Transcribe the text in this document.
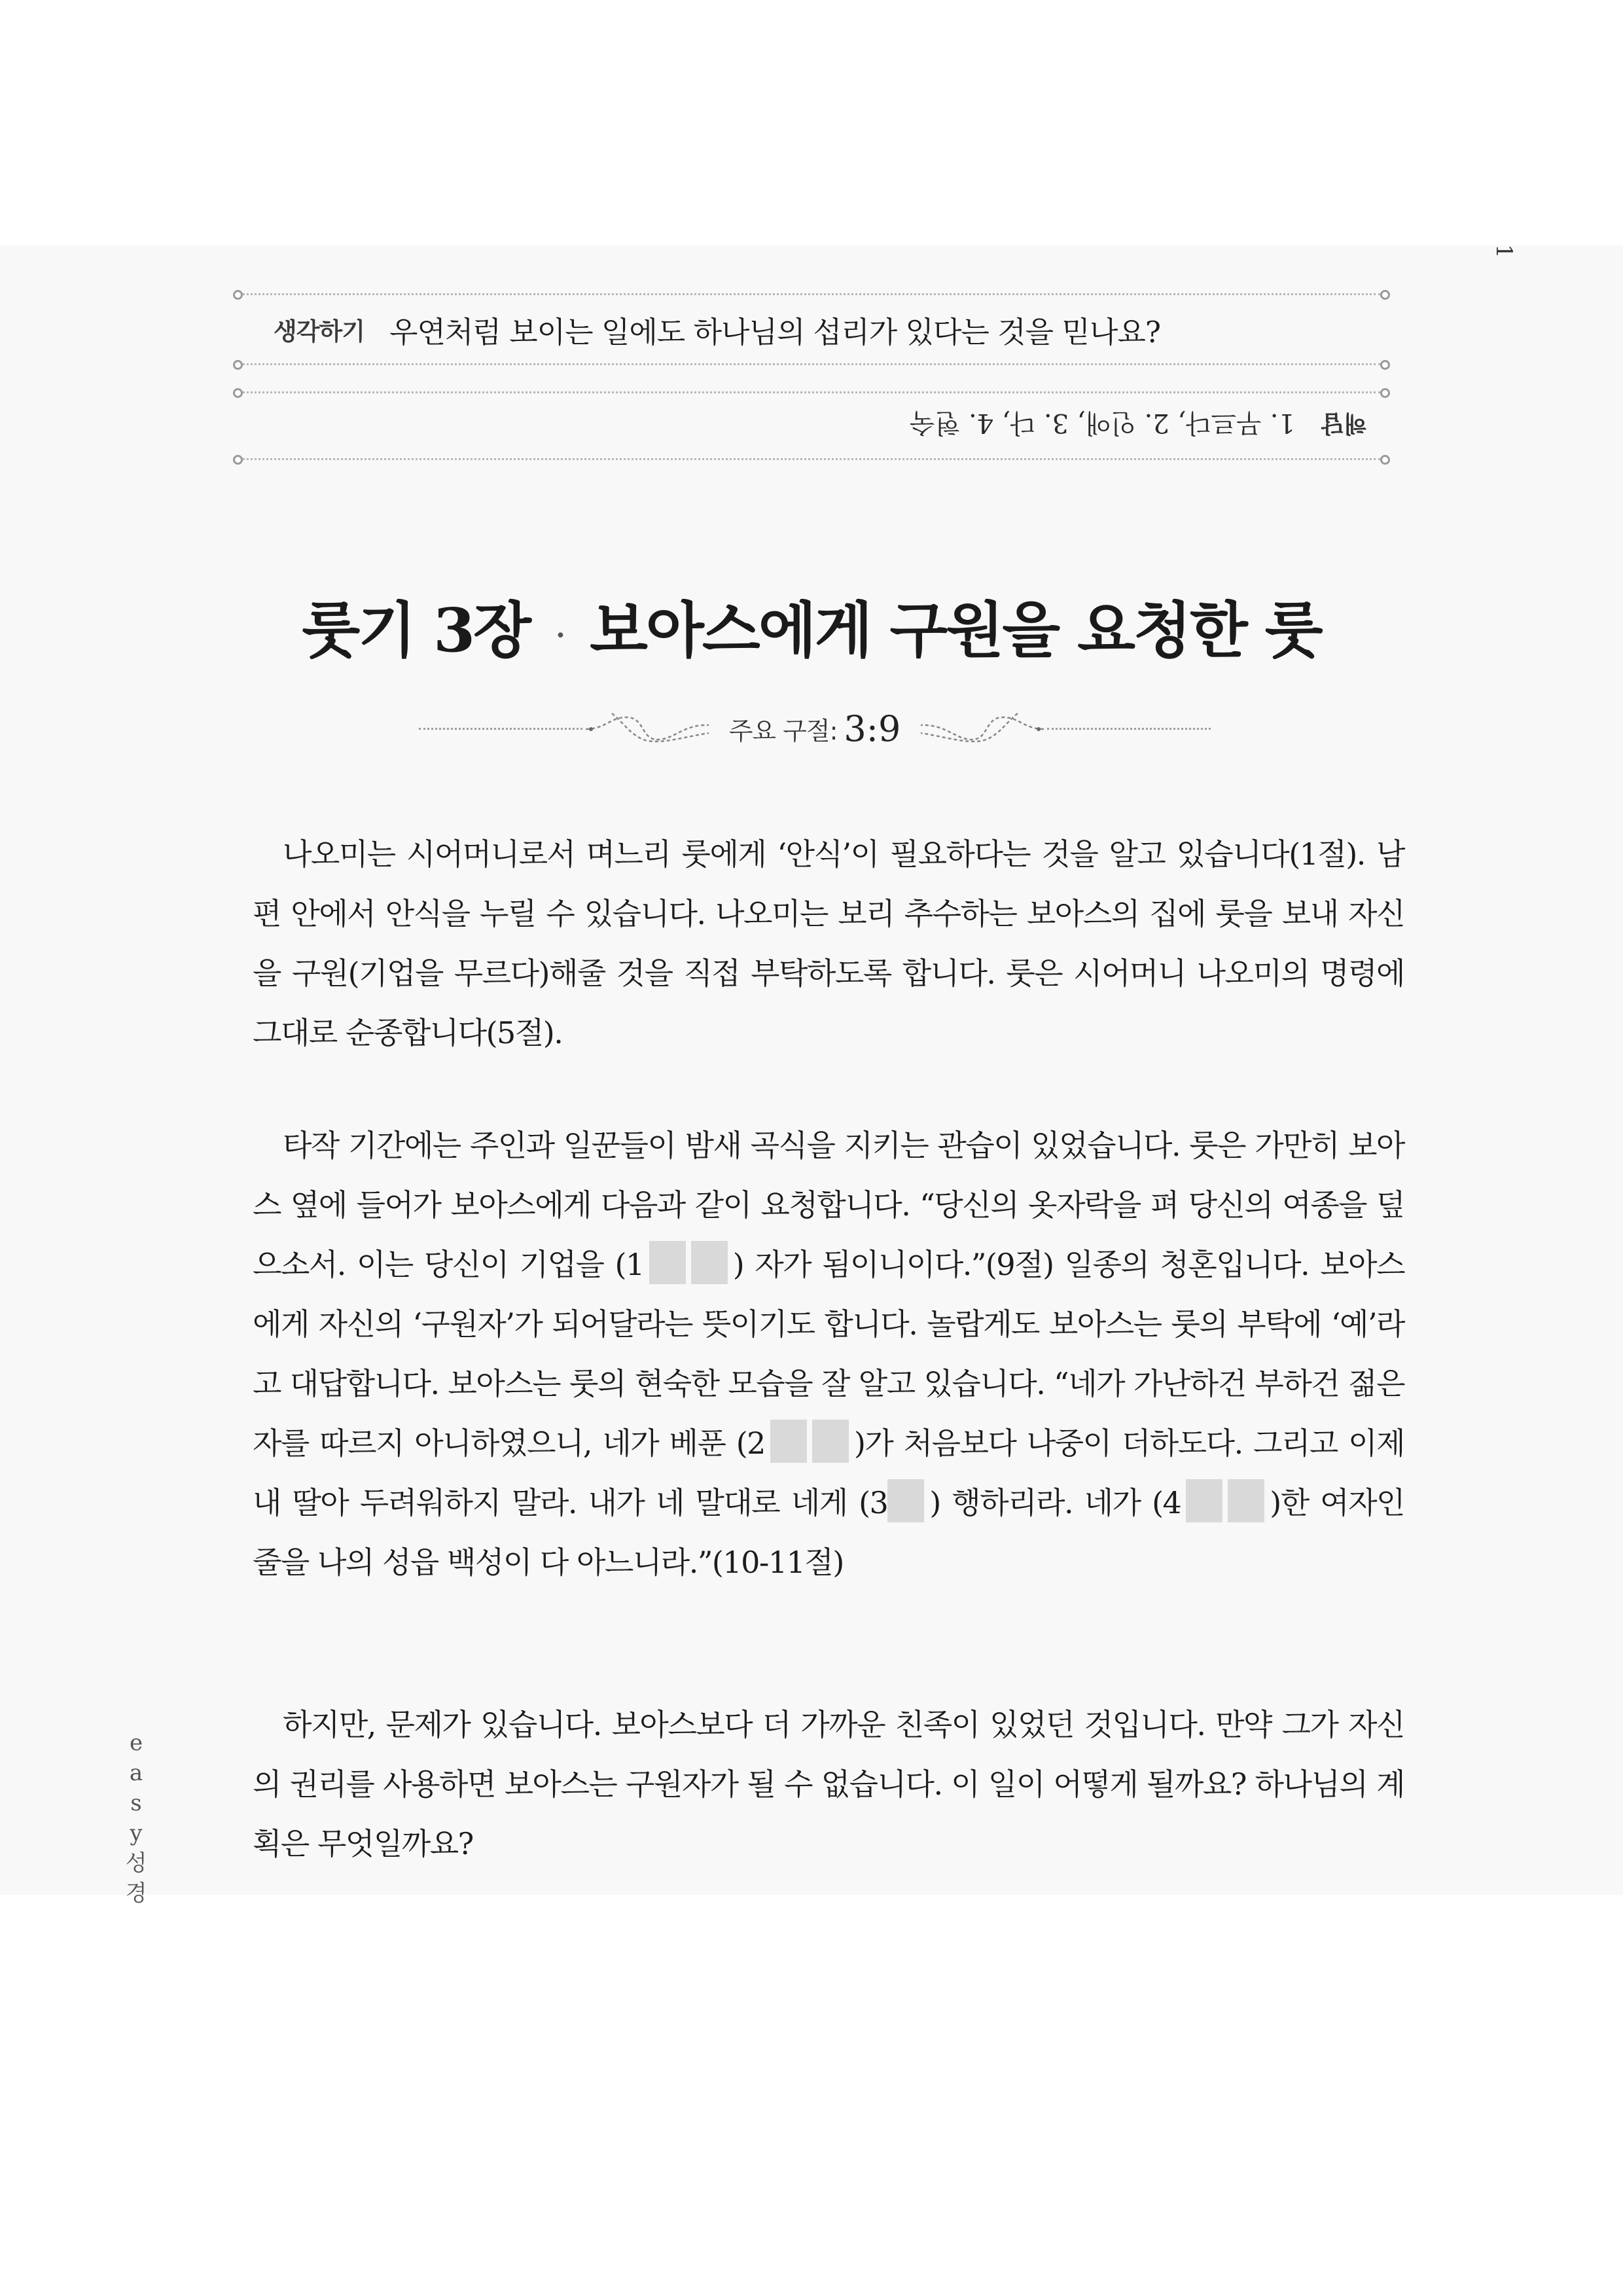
1
생각하기 우연처럼 보이는 일에도 하나님의 섭리가 있다는 것을 믿나요?
해답
1. 무르다, 2. 인애, 3. 다, 4. 현숙
룻기 3장 · 보아스에게 구원을 요청한 룻
주요 구절: 3:9

나오미는 시어머니로서 며느리 룻에게 ‘안식’이 필요하다는 것을 알고 있습니다(1절). 남편 안에서 안식을 누릴 수 있습니다. 나오미는 보리 추수하는 보아스의 집에 룻을 보내 자신을 구원(기업을 무르다)해줄 것을 직접 부탁하도록 합니다. 룻은 시어머니 나오미의 명령에 그대로 순종합니다(5절).

타작 기간에는 주인과 일꾼들이 밤새 곡식을 지키는 관습이 있었습니다. 룻은 가만히 보아스 옆에 들어가 보아스에게 다음과 같이 요청합니다. “당신의 옷자락을 펴 당신의 여종을 덮으소서. 이는 당신이 기업을 (1	) 자가 됨이니이다.”(9절) 일종의 청혼입니다. 보아스에게 자신의 ‘구원자’가 되어달라는 뜻이기도 합니다. 놀랍게도 보아스는 룻의 부탁에 ‘예’라고 대답합니다. 보아스는 룻의 현숙한 모습을 잘 알고 있습니다. “네가 가난하건 부하건 젊은 자를 따르지 아니하였으니, 네가 베푼 (2	)가 처음보다 나중이 더하도다. 그리고 이제 내 딸아 두려워하지 말라. 내가 네 말대로 네게 (3 ) 행하리라. 네가 (4	)한 여자인 줄을 나의 성읍 백성이 다 아느니라.”(10-11절)

하지만, 문제가 있습니다. 보아스보다 더 가까운 친족이 있었던 것입니다. 만약 그가 자신의 권리를 사용하면 보아스는 구원자가 될 수 없습니다. 이 일이 어떻게 될까요? 하나님의 계획은 무엇일까요?

e
a
s
y
성
경
